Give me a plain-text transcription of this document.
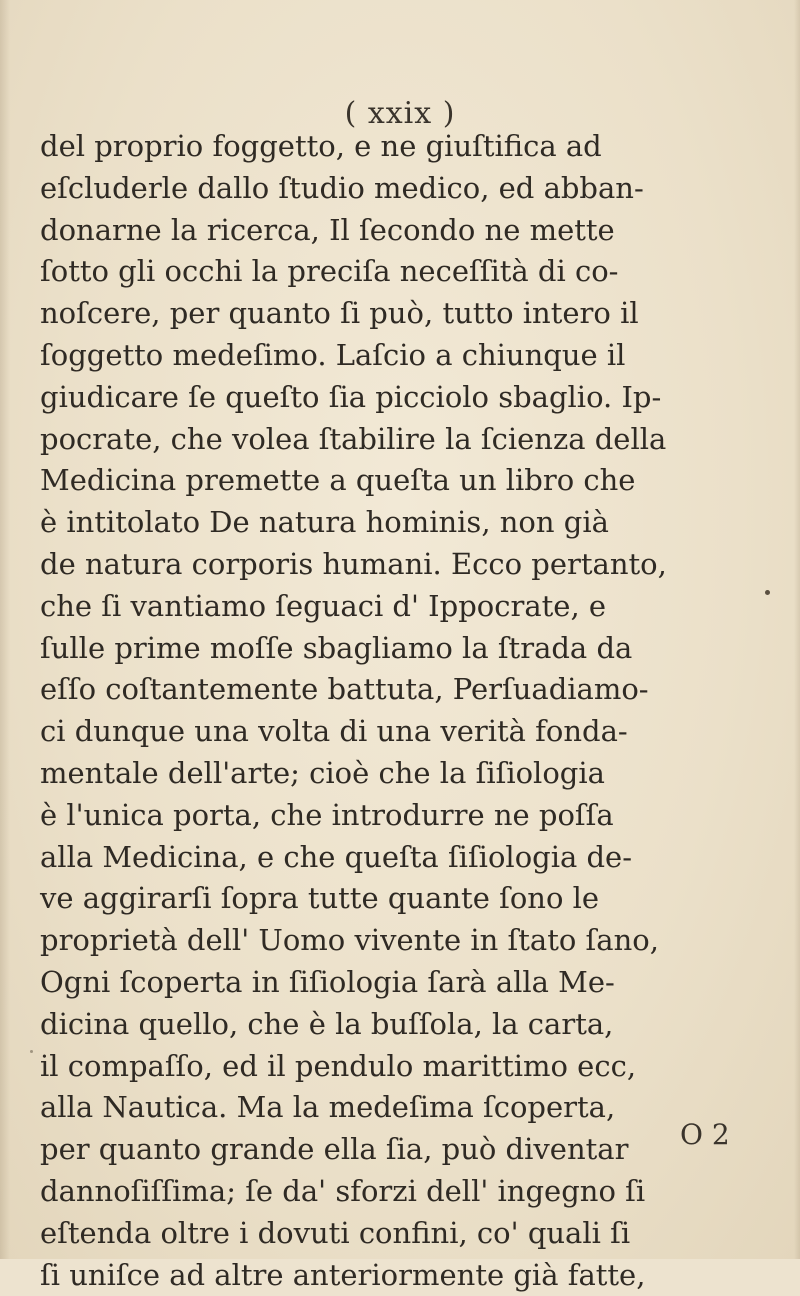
( xxix )
del proprio foggetto, e ne giuſtifica ad
eſcluderle dallo ſtudio medico, ed abban-
donarne la ricerca, Il ſecondo ne mette
ſotto gli occhi la preciſa neceſſità di co-
noſcere, per quanto ſi può, tutto intero il
ſoggetto medeſimo. Laſcio a chiunque il
giudicare ſe queſto ſia picciolo sbaglio. Ip-
pocrate, che volea ſtabilire la ſcienza della
Medicina premette a queſta un libro che
è intitolato De natura hominis, non già
de natura corporis humani. Ecco pertanto,
che ſi vantiamo ſeguaci d' Ippocrate, e
ſulle prime moſſe sbagliamo la ſtrada da
eſſo coſtantemente battuta, Perſuadiamo-
ci dunque una volta di una verità fonda-
mentale dell'arte; cioè che la ſiſiologia
è l'unica porta, che introdurre ne poſſa
alla Medicina, e che queſta ſiſiologia de-
ve aggirarſi ſopra tutte quante ſono le
proprietà dell' Uomo vivente in ſtato ſano,
Ogni ſcoperta in ſiſiologia ſarà alla Me-
dicina quello, che è la buſſola, la carta,
il compaſſo, ed il pendulo marittimo ecc,
alla Nautica. Ma la medeſima ſcoperta,
per quanto grande ella ſia, può diventar
dannoſiſſima; ſe da' sforzi dell' ingegno ſi
eſtenda oltre i dovuti confini, co' quali ſi
ſi uniſce ad altre anteriormente già fatte,
O 2
